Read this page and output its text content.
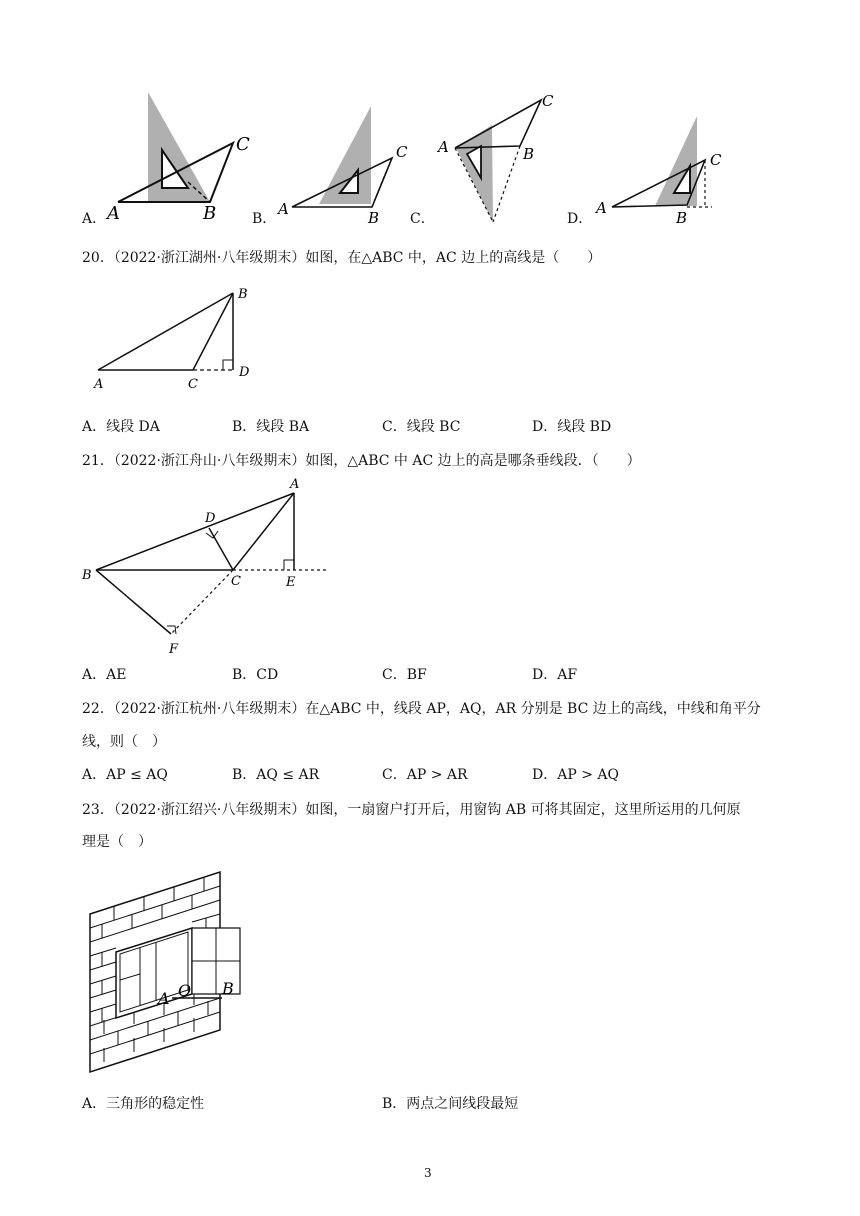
A	B
C
A	B
C A	B
C
A
B
C
A．	B．	C．	D．
20．（2022·浙江湖州·八年级期末）如图，在△ABC 中，AC 边上的高线是（　　）
B
A	C
D
A．线段 DA	B．线段 BA	C．线段 BC	D．线段 BD
21．（2022·浙江舟山·八年级期末）如图，△ABC 中 AC 边上的高是哪条垂线段．（　　）
A
D
B	C	E
F
A．AE	B．CD	C．BF	D．AF
22．（2022·浙江杭州·八年级期末）在△ABC 中，线段 AP，AQ，AR 分别是 BC 边上的高线，中线和角平分
线，则（　）
A．AP ≤ AQ	B．AQ ≤ AR	C．AP > AR	D．AP > AQ
23．（2022·浙江绍兴·八年级期末）如图，一扇窗户打开后，用窗钩 AB 可将其固定，这里所运用的几何原
理是（　）
A O B
A．三角形的稳定性	B．两点之间线段最短
3
